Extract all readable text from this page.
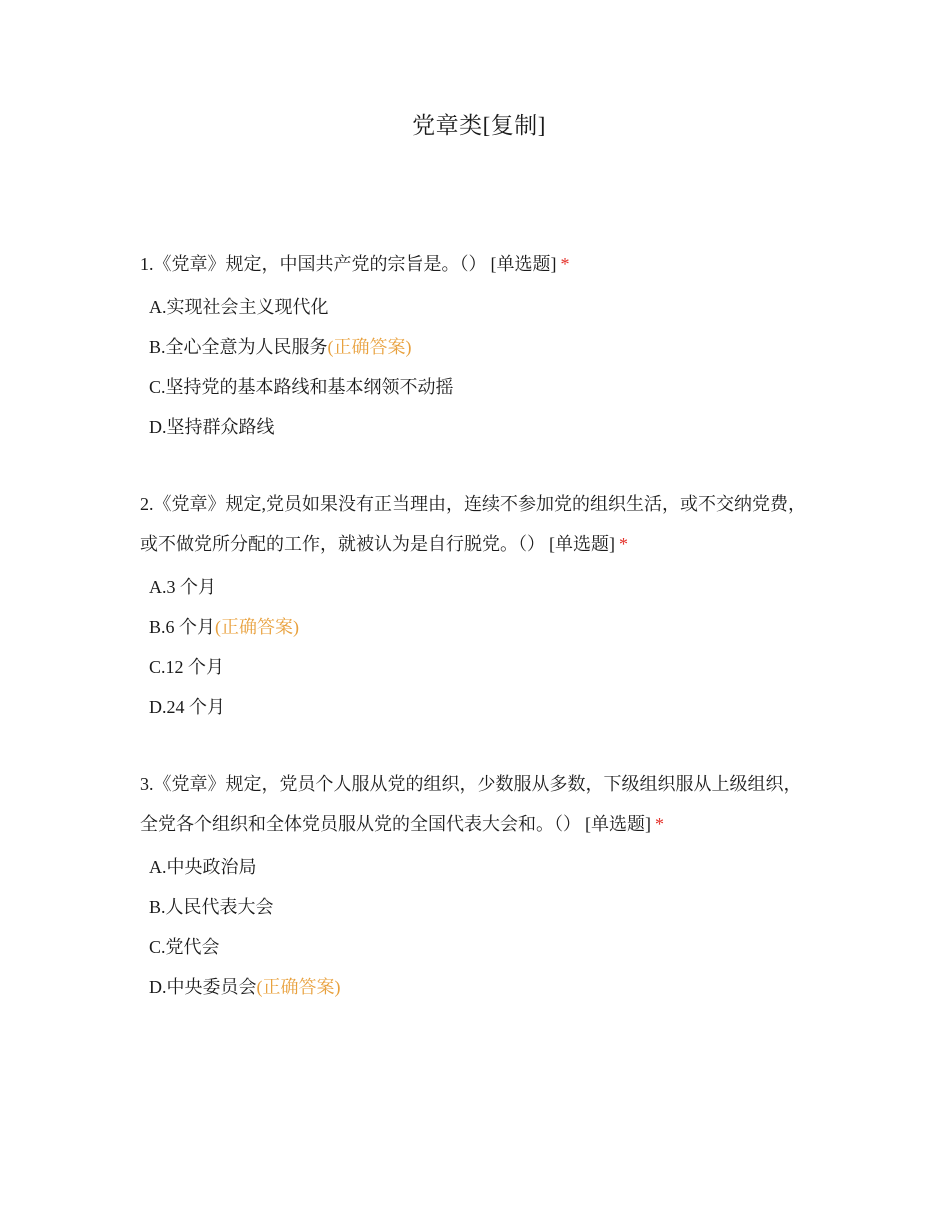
党章类[复制]

1.《党章》规定，中国共产党的宗旨是。（） [单选题] *

A.实现社会主义现代化
B.全心全意为人民服务(正确答案)
C.坚持党的基本路线和基本纲领不动摇
D.坚持群众路线

2.《党章》规定,党员如果没有正当理由，连续不参加党的组织生活，或不交纳党费，或不做党所分配的工作，就被认为是自行脱党。（） [单选题] *

A.3 个月
B.6 个月(正确答案)
C.12 个月
D.24 个月

3.《党章》规定，党员个人服从党的组织，少数服从多数，下级组织服从上级组织，全党各个组织和全体党员服从党的全国代表大会和。（） [单选题] *

A.中央政治局
B.人民代表大会
C.党代会
D.中央委员会(正确答案)
